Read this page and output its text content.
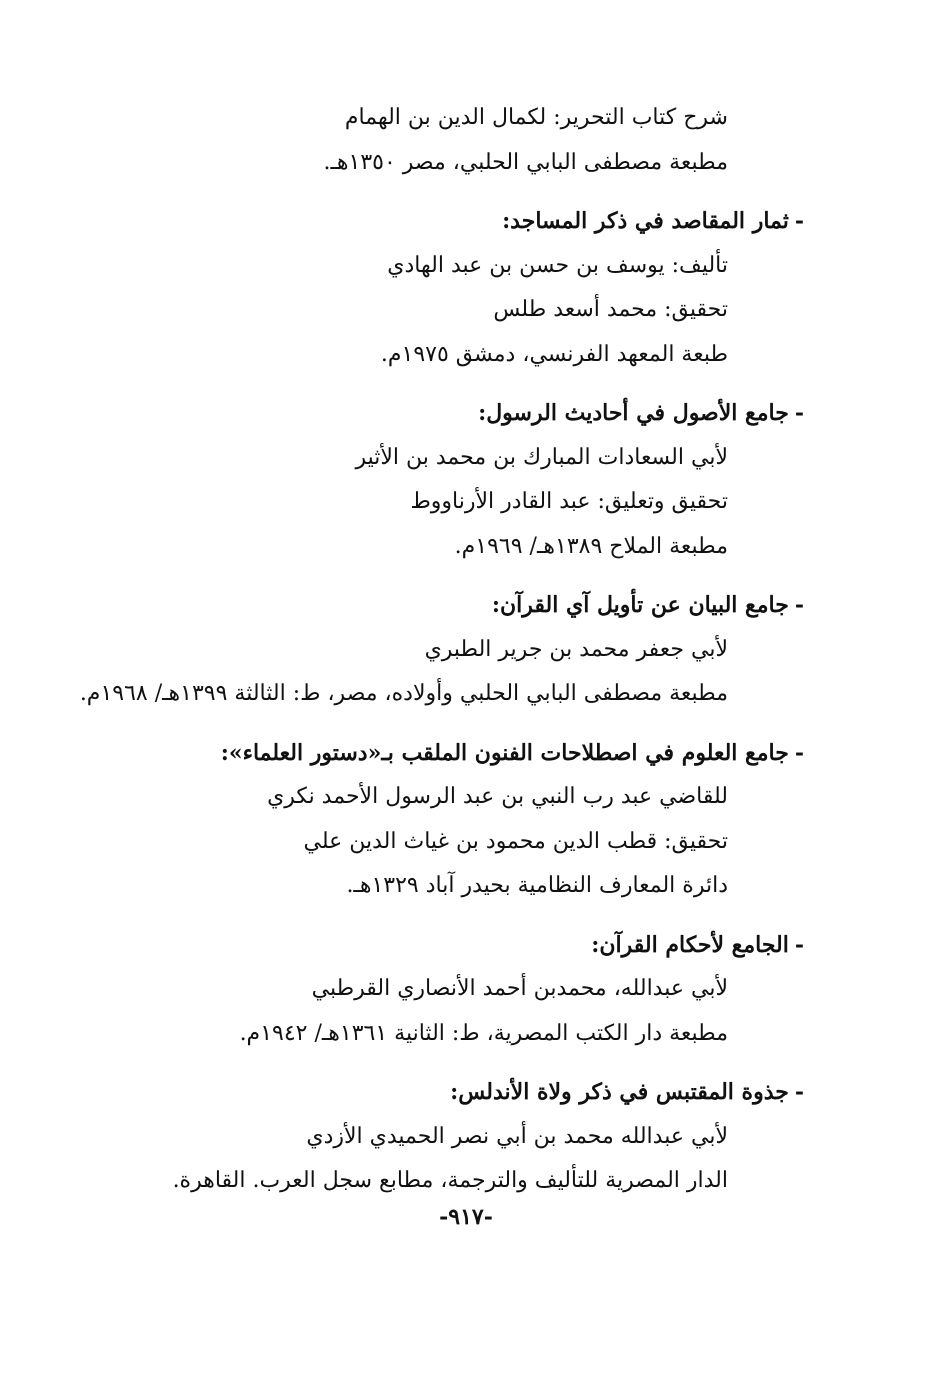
شرح كتاب التحرير: لكمال الدين بن الهمام
مطبعة مصطفى البابي الحلبي، مصر ١٣٥٠هـ.
-ثمار المقاصد في ذكر المساجد:
تأليف: يوسف بن حسن بن عبد الهادي
تحقيق: محمد أسعد طلس
طبعة المعهد الفرنسي، دمشق ١٩٧٥م.
-جامع الأصول في أحاديث الرسول:
لأبي السعادات المبارك بن محمد بن الأثير
تحقيق وتعليق: عبد القادر الأرناووط
مطبعة الملاح ١٣٨٩هـ/ ١٩٦٩م.
-جامع البيان عن تأويل آي القرآن:
لأبي جعفر محمد بن جرير الطبري
مطبعة مصطفى البابي الحلبي وأولاده، مصر، ط: الثالثة ١٣٩٩هـ/ ١٩٦٨م.
-جامع العلوم في اصطلاحات الفنون الملقب بـ«دستور العلماء»:
للقاضي عبد رب النبي بن عبد الرسول الأحمد نكري
تحقيق: قطب الدين محمود بن غياث الدين علي
دائرة المعارف النظامية بحيدر آباد ١٣٢٩هـ.
-الجامع لأحكام القرآن:
لأبي عبدالله، محمدبن أحمد الأنصاري القرطبي
مطبعة دار الكتب المصرية، ط: الثانية ١٣٦١هـ/ ١٩٤٢م.
-جذوة المقتبس في ذكر ولاة الأندلس:
لأبي عبدالله محمد بن أبي نصر الحميدي الأزدي
الدار المصرية للتأليف والترجمة، مطابع سجل العرب. القاهرة.
-٩١٧-
